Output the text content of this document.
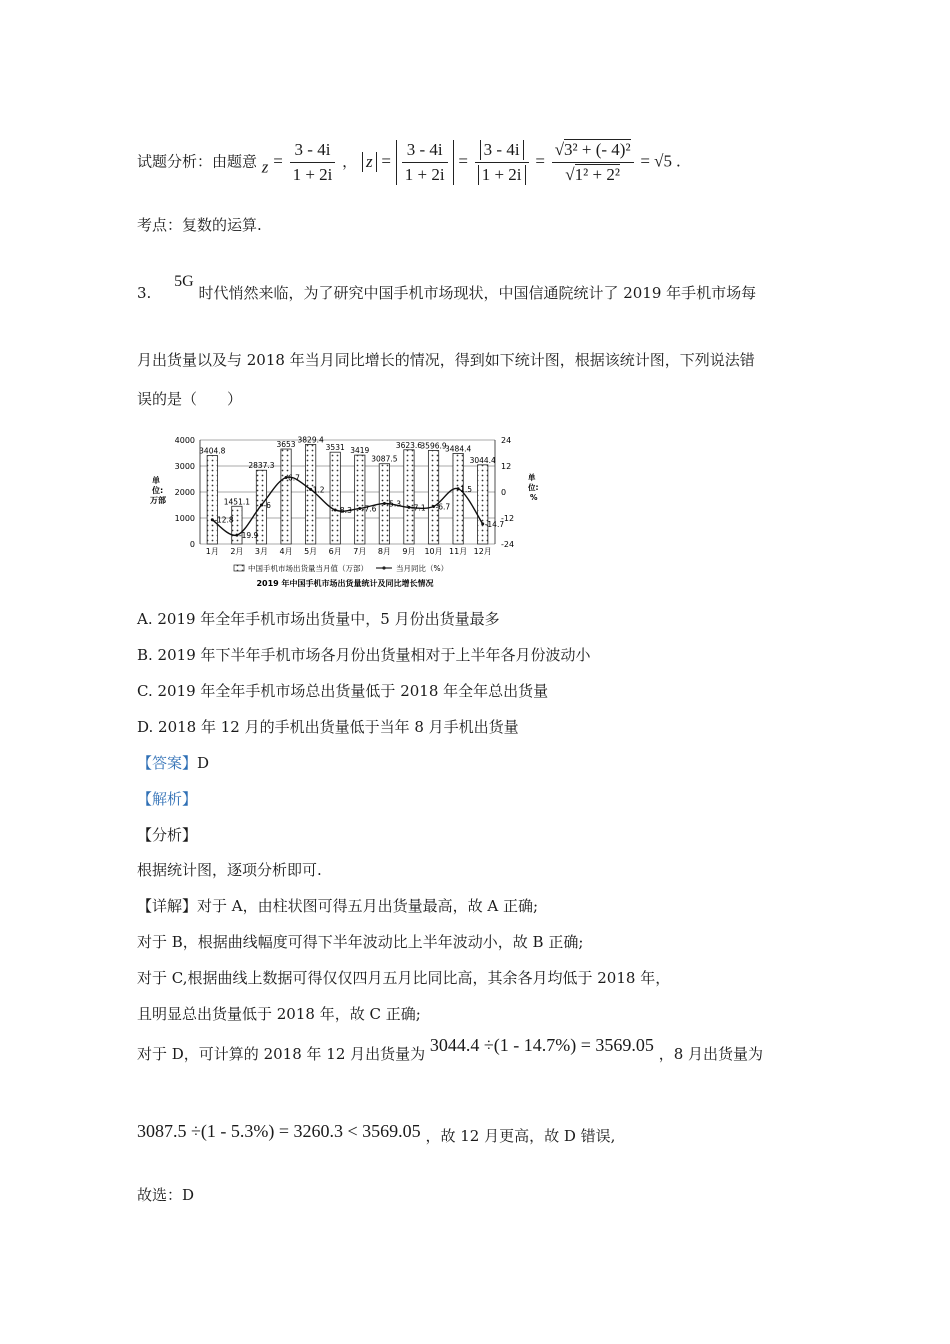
试题分析：由题意 $z = \frac{3 - 4i}{1 + 2i}$ ， $z = \frac{3 - 4i}{1 + 2i} = \frac{3 - 4i}{1 + 2i} = \frac{\text{√3² + (- 4)²}}{\text{√1² + 2²}} = √5$ .
考点：复数的运算.
3. 5G 时代悄然来临，为了研究中国手机市场现状，中国信通院统计了 2019 年手机市场每
月出货量以及与 2018 年当月同比增长的情况，得到如下统计图，根据该统计图，下列说法错
误的是（　　）
3404.8
1月
1451.1
2月
2837.3
3月
3653
4月
3829.4
5月
3531
6月
3419
7月
3087.5
8月
3623.6
9月
3596.9
10月
3484.4
11月
3044.4
12月
-12.8
-19.9
-6
6.7
1.2
-8.3 -7.6
-5.3 -7.1 -6.7
1.5
-14.7
0
1000
2000
3000
4000	24
12
0
-12
-24
单 位: 万部
单 位: %
中国手机市场出货量当月值（万部）	当月同比（%）
2019 年中国手机市场出货量统计及同比增长情况
A. 2019 年全年手机市场出货量中，5 月份出货量最多
B. 2019 年下半年手机市场各月份出货量相对于上半年各月份波动小
C. 2019 年全年手机市场总出货量低于 2018 年全年总出货量
D. 2018 年 12 月的手机出货量低于当年 8 月手机出货量
【答案】D
【解析】
【分析】
根据统计图，逐项分析即可.
【详解】对于 A，由柱状图可得五月出货量最高，故 A 正确;
对于 B，根据曲线幅度可得下半年波动比上半年波动小，故 B 正确;
对于 C,根据曲线上数据可得仅仅四月五月比同比高，其余各月均低于 2018 年，
且明显总出货量低于 2018 年，故 C 正确;
对于 D，可计算的 2018 年 12 月出货量为 3044.4 ÷(1 - 14.7%) = 3569.05 ，8 月出货量为
3087.5 ÷(1 - 5.3%) = 3260.3 < 3569.05 ，故 12 月更高，故 D 错误,
故选：D
